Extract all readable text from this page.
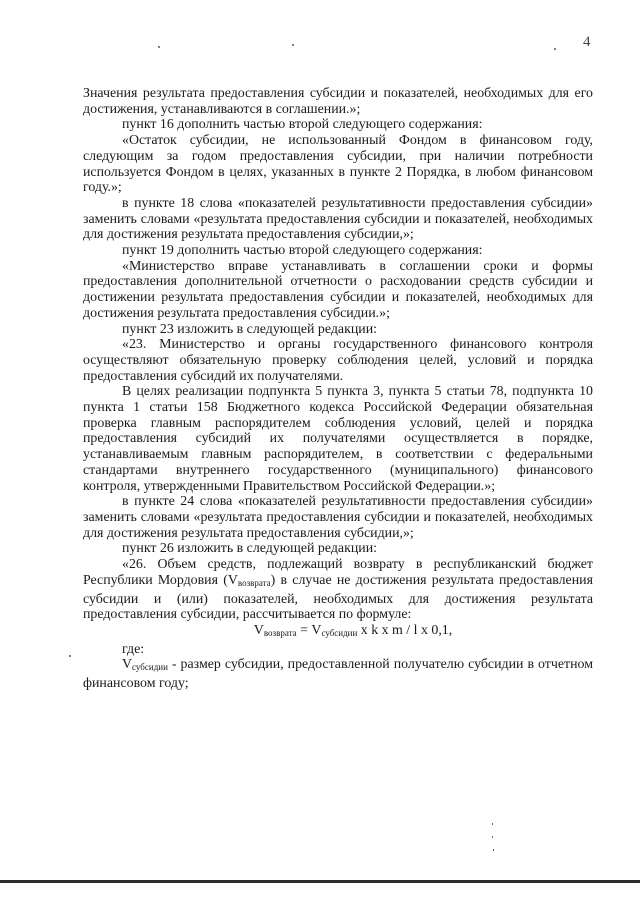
4

Значения результата предоставления субсидии и показателей, необходимых для его достижения, устанавливаются в соглашении.»;

пункт 16 дополнить частью второй следующего содержания:

«Остаток субсидии, не использованный Фондом в финансовом году, следующим за годом предоставления субсидии, при наличии потребности используется Фондом в целях, указанных в пункте 2 Порядка, в любом финансовом году.»;

в пункте 18 слова «показателей результативности предоставления субсидии» заменить словами «результата предоставления субсидии и показателей, необходимых для достижения результата предоставления субсидии,»;

пункт 19 дополнить частью второй следующего содержания:

«Министерство вправе устанавливать в соглашении сроки и формы предоставления дополнительной отчетности о расходовании средств субсидии и достижении результата предоставления субсидии и показателей, необходимых для достижения результата предоставления субсидии.»;

пункт 23 изложить в следующей редакции:

«23. Министерство и органы государственного финансового контроля осуществляют обязательную проверку соблюдения целей, условий и порядка предоставления субсидий их получателями.

В целях реализации подпункта 5 пункта 3, пункта 5 статьи 78, подпункта 10 пункта 1 статьи 158 Бюджетного кодекса Российской Федерации обязательная проверка главным распорядителем соблюдения условий, целей и порядка предоставления субсидий их получателями осуществляется в порядке, устанавливаемым главным распорядителем, в соответствии с федеральными стандартами внутреннего государственного (муниципального) финансового контроля, утвержденными Правительством Российской Федерации.»;

в пункте 24 слова «показателей результативности предоставления субсидии» заменить словами «результата предоставления субсидии и показателей, необходимых для достижения результата предоставления субсидии,»;

пункт 26 изложить в следующей редакции:

«26. Объем средств, подлежащий возврату в республиканский бюджет Республики Мордовия $(V_{возврата})$ в случае не достижения результата предоставления субсидии и (или) показателей, необходимых для достижения результата предоставления субсидии, рассчитывается по формуле:

$V_{возврата} = V_{субсидии}$ x k x m / l x 0,1,

где:

$V_{субсидии}$ - размер субсидии, предоставленной получателю субсидии в отчетном финансовом году;
